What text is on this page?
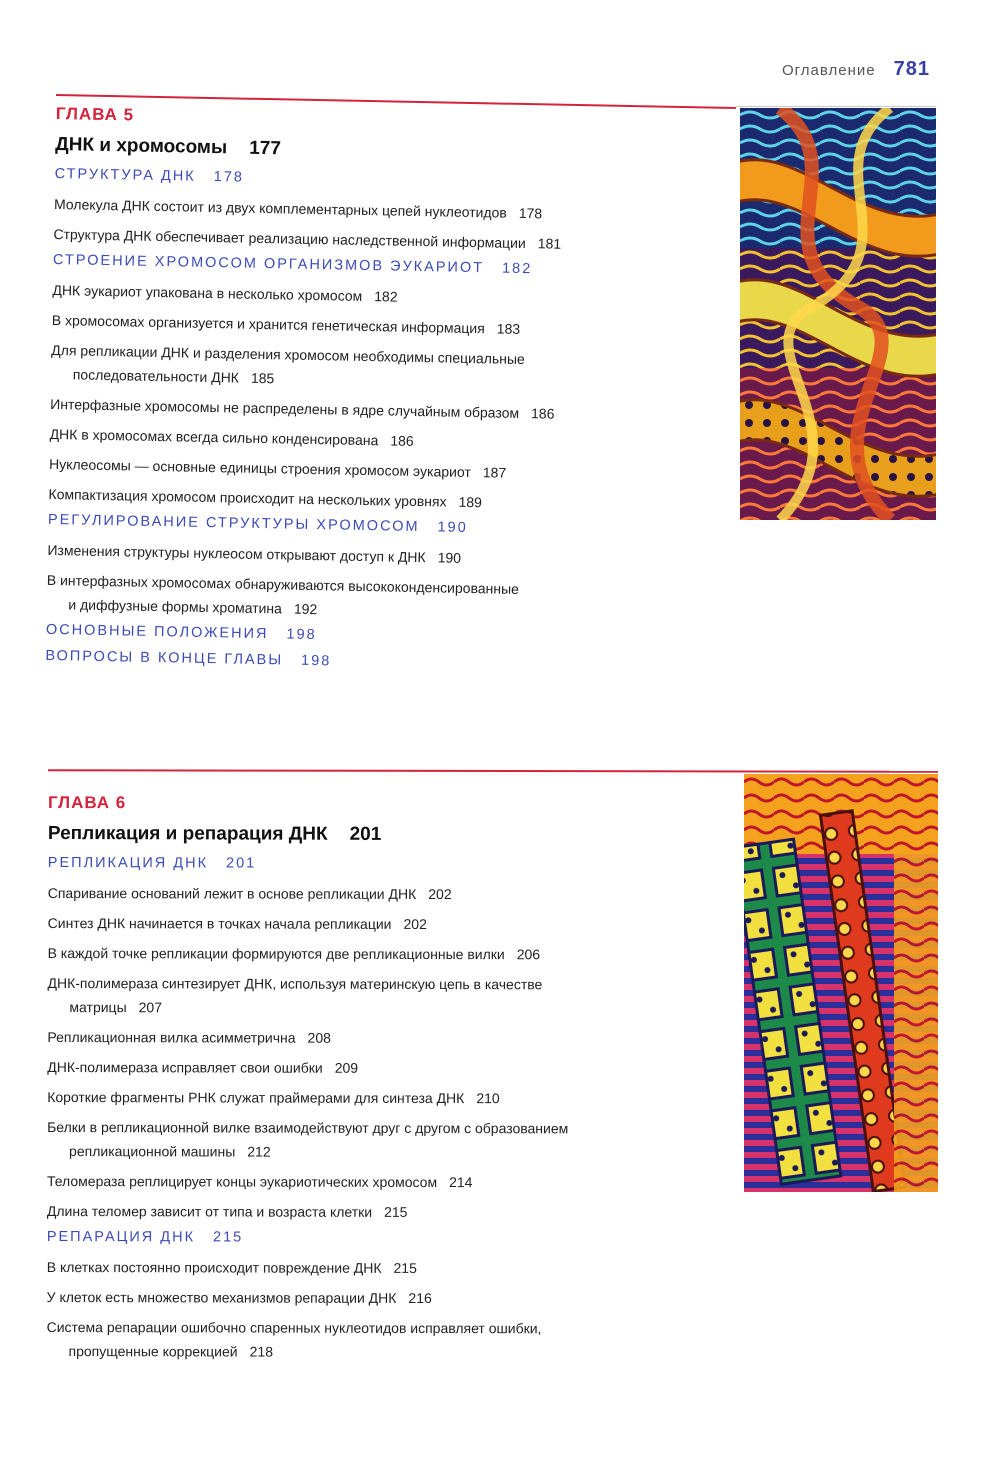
Оглавление 781
ГЛАВА 5
ДНК и хромосомы 177
СТРУКТУРА ДНК 178
Молекула ДНК состоит из двух комплементарных цепей нуклеотидов 178
Структура ДНК обеспечивает реализацию наследственной информации 181
СТРОЕНИЕ ХРОМОСОМ ОРГАНИЗМОВ ЭУКАРИОТ 182
ДНК эукариот упакована в несколько хромосом 182
В хромосомах организуется и хранится генетическая информация 183
Для репликации ДНК и разделения хромосом необходимы специальные
последовательности ДНК 185
Интерфазные хромосомы не распределены в ядре случайным образом 186
ДНК в хромосомах всегда сильно конденсирована 186
Нуклеосомы — основные единицы строения хромосом эукариот 187
Компактизация хромосом происходит на нескольких уровнях 189
РЕГУЛИРОВАНИЕ СТРУКТУРЫ ХРОМОСОМ 190
Изменения структуры нуклеосом открывают доступ к ДНК 190
В интерфазных хромосомах обнаруживаются высококонденсированные
и диффузные формы хроматина 192
ОСНОВНЫЕ ПОЛОЖЕНИЯ 198
ВОПРОСЫ В КОНЦЕ ГЛАВЫ 198
ГЛАВА 6
Репликация и репарация ДНК 201
РЕПЛИКАЦИЯ ДНК 201
Спаривание оснований лежит в основе репликации ДНК 202
Синтез ДНК начинается в точках начала репликации 202
В каждой точке репликации формируются две репликационные вилки 206
ДНК-полимераза синтезирует ДНК, используя материнскую цепь в качестве
матрицы 207
Репликационная вилка асимметрична 208
ДНК-полимераза исправляет свои ошибки 209
Короткие фрагменты РНК служат праймерами для синтеза ДНК 210
Белки в репликационной вилке взаимодействуют друг с другом с образованием
репликационной машины 212
Теломераза реплицирует концы эукариотических хромосом 214
Длина теломер зависит от типа и возраста клетки 215
РЕПАРАЦИЯ ДНК 215
В клетках постоянно происходит повреждение ДНК 215
У клеток есть множество механизмов репарации ДНК 216
Система репарации ошибочно спаренных нуклеотидов исправляет ошибки,
пропущенные коррекцией 218
